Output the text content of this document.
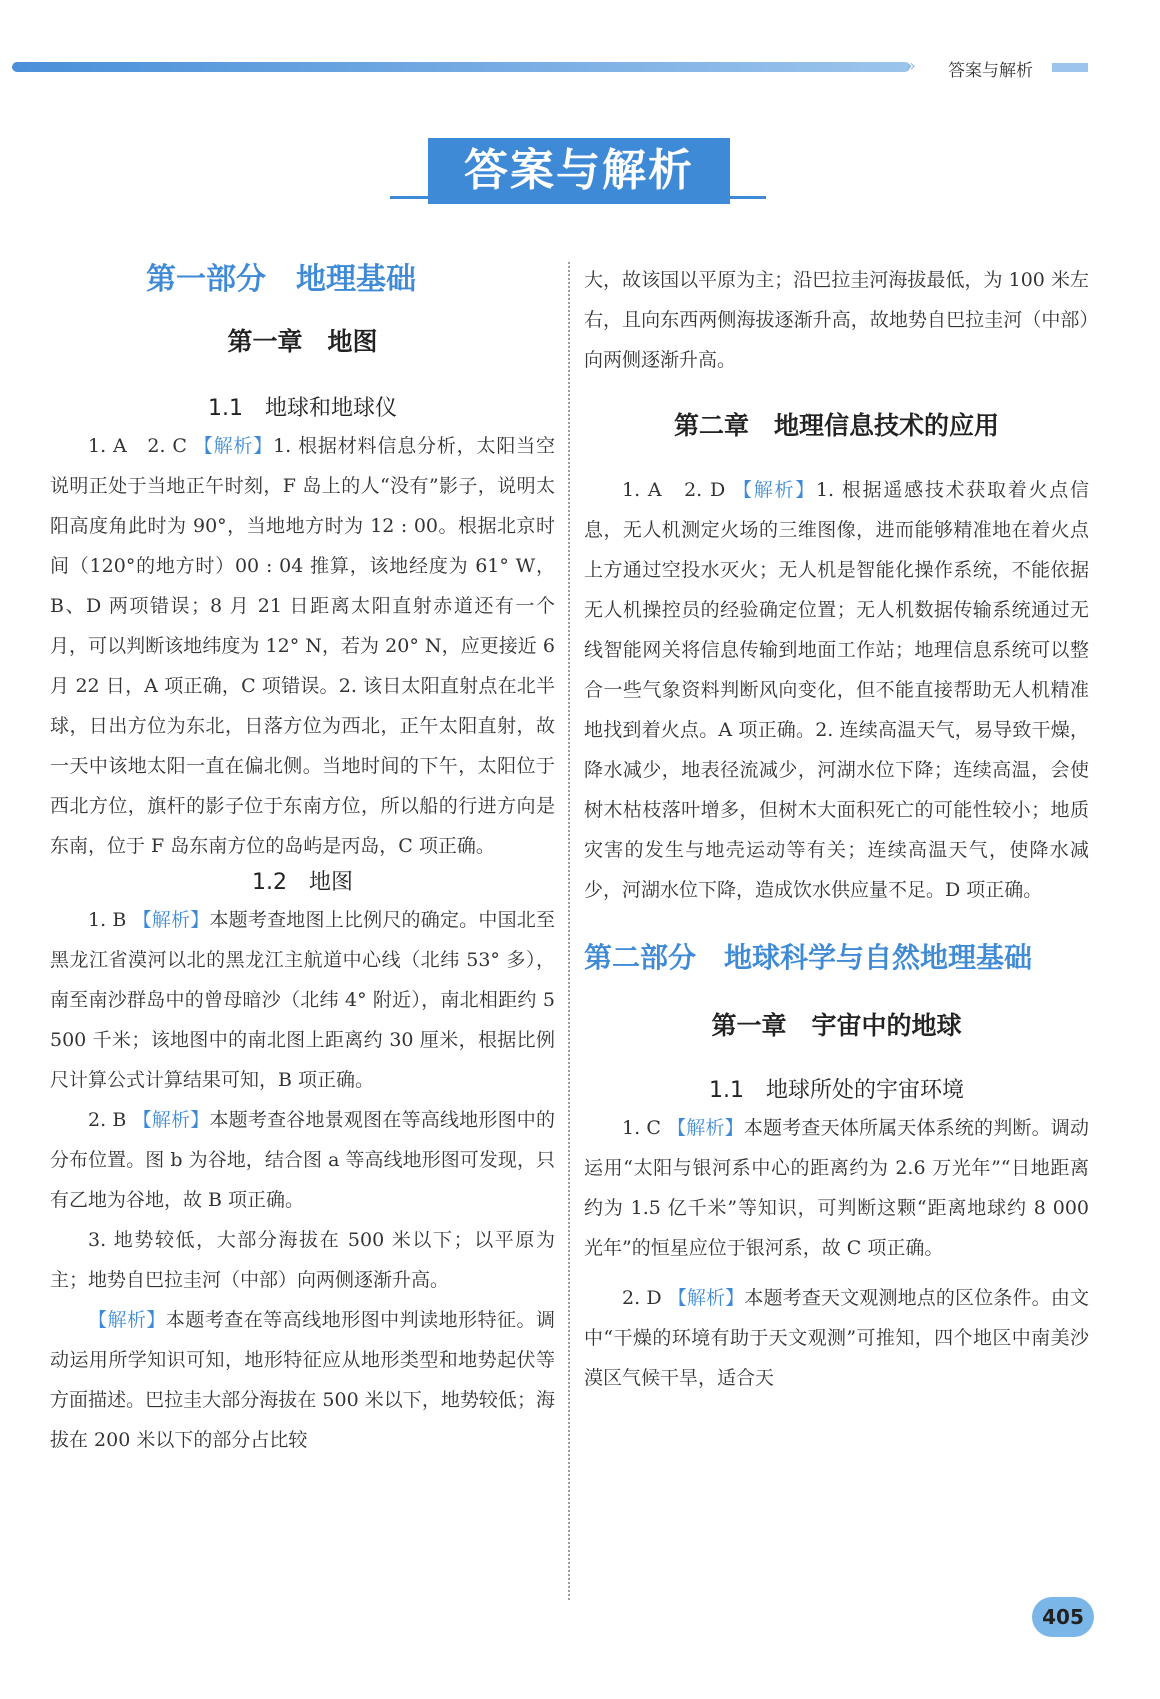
›› 答案与解析
答案与解析
第一部分　地理基础
第一章　地图
1.1　地球和地球仪

1. A　2. C 【解析】1. 根据材料信息分析，太阳当空说明正处于当地正午时刻，F 岛上的人“没有”影子，说明太阳高度角此时为 90°，当地地方时为 12 : 00。根据北京时间（120°的地方时）00 : 04 推算，该地经度为 61° W，B、D 两项错误；8 月 21 日距离太阳直射赤道还有一个月，可以判断该地纬度为 12° N，若为 20° N，应更接近 6 月 22 日，A 项正确，C 项错误。2. 该日太阳直射点在北半球，日出方位为东北，日落方位为西北，正午太阳直射，故一天中该地太阳一直在偏北侧。当地时间的下午，太阳位于西北方位，旗杆的影子位于东南方位，所以船的行进方向是东南，位于 F 岛东南方位的岛屿是丙岛，C 项正确。

1.2　地图

1. B 【解析】本题考查地图上比例尺的确定。中国北至黑龙江省漠河以北的黑龙江主航道中心线（北纬 53° 多），南至南沙群岛中的曾母暗沙（北纬 4° 附近），南北相距约 5 500 千米；该地图中的南北图上距离约 30 厘米，根据比例尺计算公式计算结果可知，B 项正确。

2. B 【解析】本题考查谷地景观图在等高线地形图中的分布位置。图 b 为谷地，结合图 a 等高线地形图可发现，只有乙地为谷地，故 B 项正确。

3. 地势较低，大部分海拔在 500 米以下；以平原为主；地势自巴拉圭河（中部）向两侧逐渐升高。

【解析】本题考查在等高线地形图中判读地形特征。调动运用所学知识可知，地形特征应从地形类型和地势起伏等方面描述。巴拉圭大部分海拔在 500 米以下，地势较低；海拔在 200 米以下的部分占比较

大，故该国以平原为主；沿巴拉圭河海拔最低，为 100 米左右，且向东西两侧海拔逐渐升高，故地势自巴拉圭河（中部）向两侧逐渐升高。

第二章　地理信息技术的应用

1. A　2. D 【解析】1. 根据遥感技术获取着火点信息，无人机测定火场的三维图像，进而能够精准地在着火点上方通过空投水灭火；无人机是智能化操作系统，不能依据无人机操控员的经验确定位置；无人机数据传输系统通过无线智能网关将信息传输到地面工作站；地理信息系统可以整合一些气象资料判断风向变化，但不能直接帮助无人机精准地找到着火点。A 项正确。2. 连续高温天气，易导致干燥，降水减少，地表径流减少，河湖水位下降；连续高温，会使树木枯枝落叶增多，但树木大面积死亡的可能性较小；地质灾害的发生与地壳运动等有关；连续高温天气，使降水减少，河湖水位下降，造成饮水供应量不足。D 项正确。

第二部分　地球科学与自然地理基础
第一章　宇宙中的地球
1.1　地球所处的宇宙环境

1. C 【解析】本题考查天体所属天体系统的判断。调动运用“太阳与银河系中心的距离约为 2.6 万光年”“日地距离约为 1.5 亿千米”等知识，可判断这颗“距离地球约 8 000 光年”的恒星应位于银河系，故 C 项正确。

2. D 【解析】本题考查天文观测地点的区位条件。由文中“干燥的环境有助于天文观测”可推知，四个地区中南美沙漠区气候干旱，适合天

405
